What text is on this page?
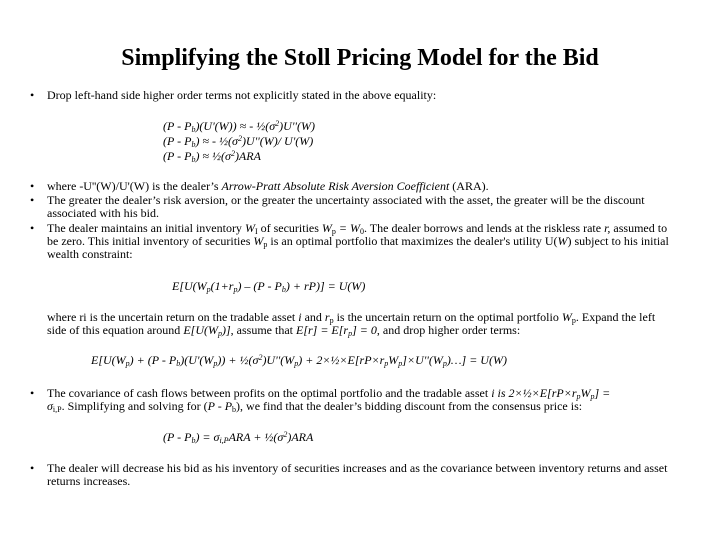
Simplifying the Stoll Pricing Model for the Bid
• Drop left-hand side higher order terms not explicitly stated in the above equality:
$(P - P_b)(U'(W))$ ≈ - $\frac{1}{2}(\sigma^2)U''(W)$
$(P - P_b)$ ≈ - $\frac{1}{2}(\sigma^2)U''(W)/$ U'(W)
$(P - P_b)$ ≈ $\frac{1}{2}(\sigma^2)ARA$
• where -U''(W)/U'(W) is the dealer’s Arrow-Pratt Absolute Risk Aversion Coefficient (ARA).
• The greater the dealer’s risk aversion, or the greater the uncertainty associated with the asset, the greater will be the discount associated with his bid.
• The dealer maintains an initial inventory $W_I$ of securities $W_p = W_0$. The dealer borrows and lends at the riskless rate r, assumed to be zero. This initial inventory of securities $W_p$ is an optimal portfolio that maximizes the dealer's utility U(W) subject to his initial wealth constraint:
$E[U(W_p(1+r_p) - (P - P_b) + rP)] = U(W)$
where ri is the uncertain return on the tradable asset i and $r_p$ is the uncertain return on the optimal portfolio $W_p$. Expand the left side of this equation around $E[U(W_p)]$, assume that $E[r] = E[r_p] = 0$, and drop higher order terms:
$E[U(W_p) + (P - P_b)(U'(W_p))$ + $\frac{1}{2}(\sigma^2)U''(W_p)$ + $2\times\frac{1}{2}\times E[rP\times r_pW_p]\times U''(W_p)\dots] = U(W)$
• The covariance of cash flows between profits on the optimal portfolio and the tradable asset i is $2\times\frac{1}{2}\times E[rP\times r_pW_p]$ =
$\sigma_{i,P}$. Simplifying and solving for $(P - P_b)$, we find that the dealer’s bidding discount from the consensus price is:
$(P - P_b) = \sigma_{i,P}ARA$ + $\frac{1}{2}(\sigma^2)ARA$
• The dealer will decrease his bid as his inventory of securities increases and as the covariance between inventory returns and asset returns increases.
